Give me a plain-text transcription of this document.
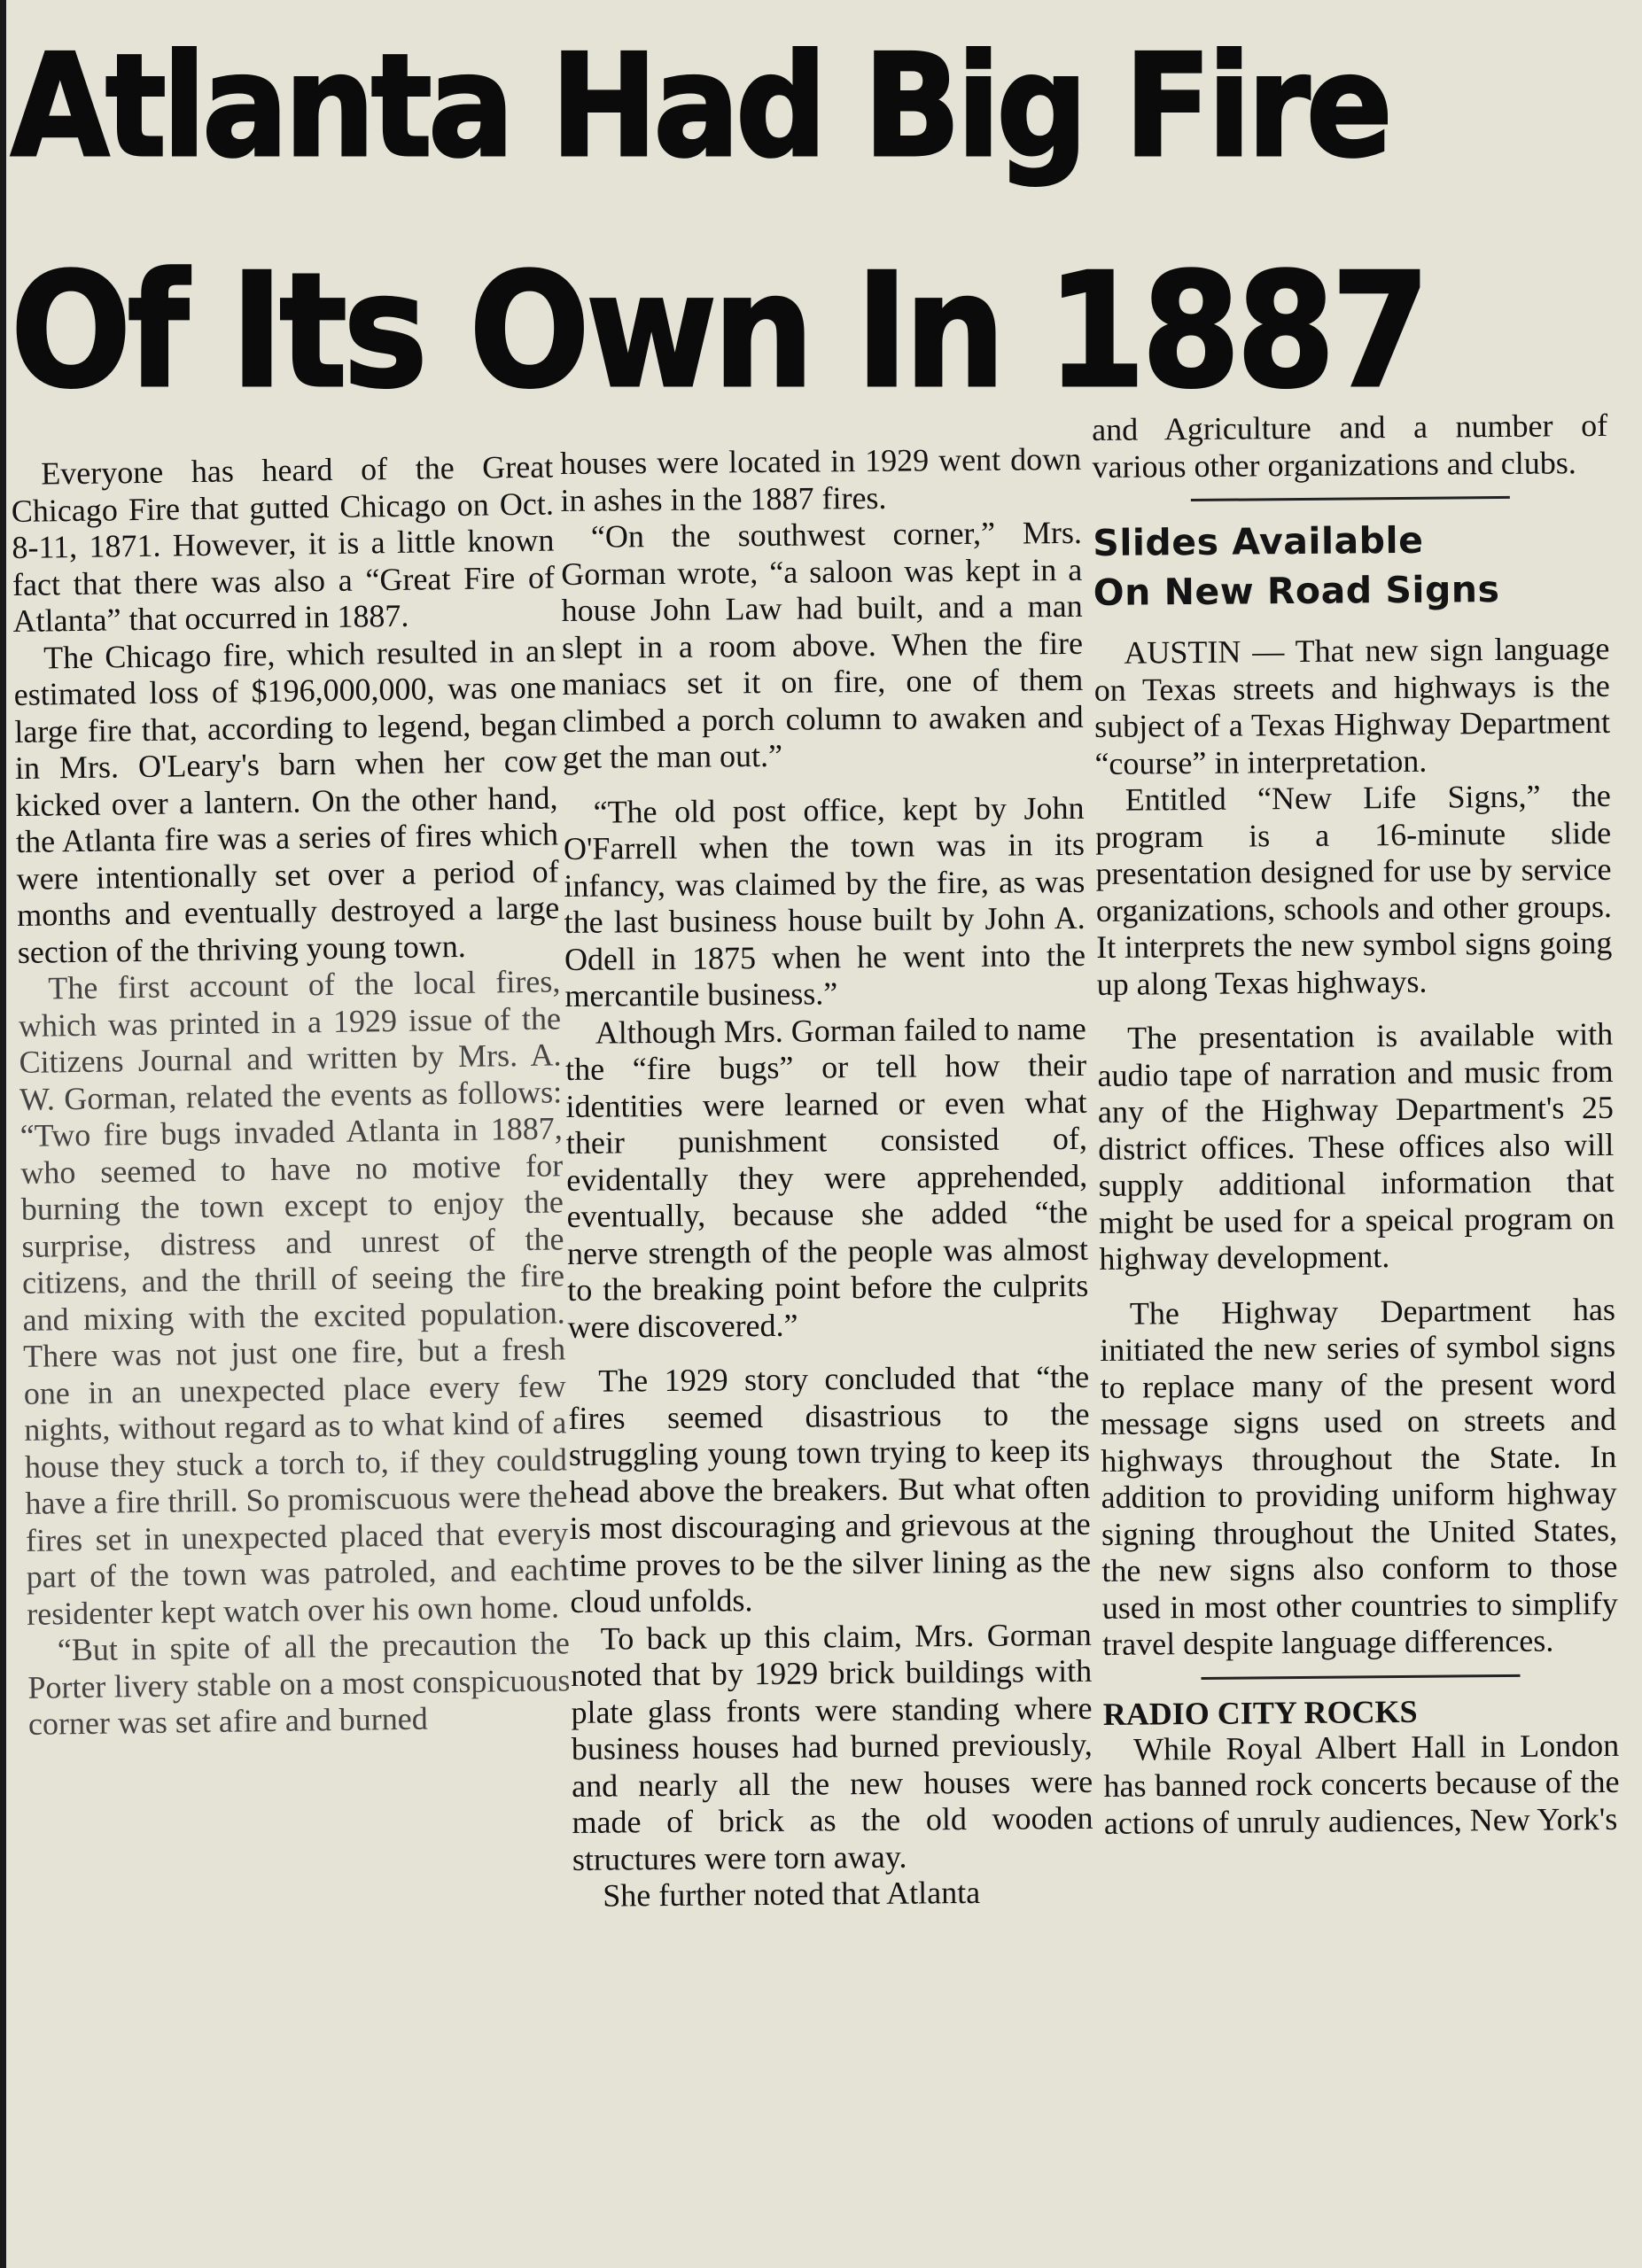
Atlanta Had Big Fire
Of Its Own In 1887

Everyone has heard of the Great Chicago Fire that gutted Chicago on Oct. 8-11, 1871. However, it is a little known fact that there was also a “Great Fire of Atlanta” that occurred in 1887.

The Chicago fire, which resulted in an estimated loss of $196,000,000, was one large fire that, according to legend, began in Mrs. O'Leary's barn when her cow kicked over a lantern. On the other hand, the Atlanta fire was a series of fires which were intentionally set over a period of months and eventually destroyed a large section of the thriving young town.

The first account of the local fires, which was printed in a 1929 issue of the Citizens Journal and written by Mrs. A. W. Gorman, related the events as follows: “Two fire bugs invaded Atlanta in 1887, who seemed to have no motive for burning the town except to enjoy the surprise, distress and unrest of the citizens, and the thrill of seeing the fire and mixing with the excited population. There was not just one fire, but a fresh one in an unexpected place every few nights, without regard as to what kind of a house they stuck a torch to, if they could have a fire thrill. So promiscuous were the fires set in unexpected placed that every part of the town was patroled, and each residenter kept watch over his own home.

“But in spite of all the precaution the Porter livery stable on a most conspicuous corner was set afire and burned

houses were located in 1929 went down in ashes in the 1887 fires.

“On the southwest corner,” Mrs. Gorman wrote, “a saloon was kept in a house John Law had built, and a man slept in a room above. When the fire maniacs set it on fire, one of them climbed a porch column to awaken and get the man out.”

“The old post office, kept by John O'Farrell when the town was in its infancy, was claimed by the fire, as was the last business house built by John A. Odell in 1875 when he went into the mercantile business.”

Although Mrs. Gorman failed to name the “fire bugs” or tell how their identities were learned or even what their punishment consisted of, evidentally they were apprehended, eventually, because she added “the nerve strength of the people was almost to the breaking point before the culprits were discovered.”

The 1929 story concluded that “the fires seemed disastrious to the struggling young town trying to keep its head above the breakers. But what often is most discouraging and grievous at the time proves to be the silver lining as the cloud unfolds.

To back up this claim, Mrs. Gorman noted that by 1929 brick buildings with plate glass fronts were standing where business houses had burned previously, and nearly all the new houses were made of brick as the old wooden structures were torn away.

She further noted that Atlanta

and Agriculture and a number of various other organizations and clubs.

Slides Available
On New Road Signs

AUSTIN — That new sign language on Texas streets and highways is the subject of a Texas Highway Department “course” in interpretation.

Entitled “New Life Signs,” the program is a 16-minute slide presentation designed for use by service organizations, schools and other groups. It interprets the new symbol signs going up along Texas highways.

The presentation is available with audio tape of narration and music from any of the Highway Department's 25 district offices. These offices also will supply additional information that might be used for a speical program on highway development.

The Highway Department has initiated the new series of symbol signs to replace many of the present word message signs used on streets and highways throughout the State. In addition to providing uniform highway signing throughout the United States, the new signs also conform to those used in most other countries to simplify travel despite language differences.

RADIO CITY ROCKS

While Royal Albert Hall in London has banned rock concerts because of the actions of unruly audiences, New York's
